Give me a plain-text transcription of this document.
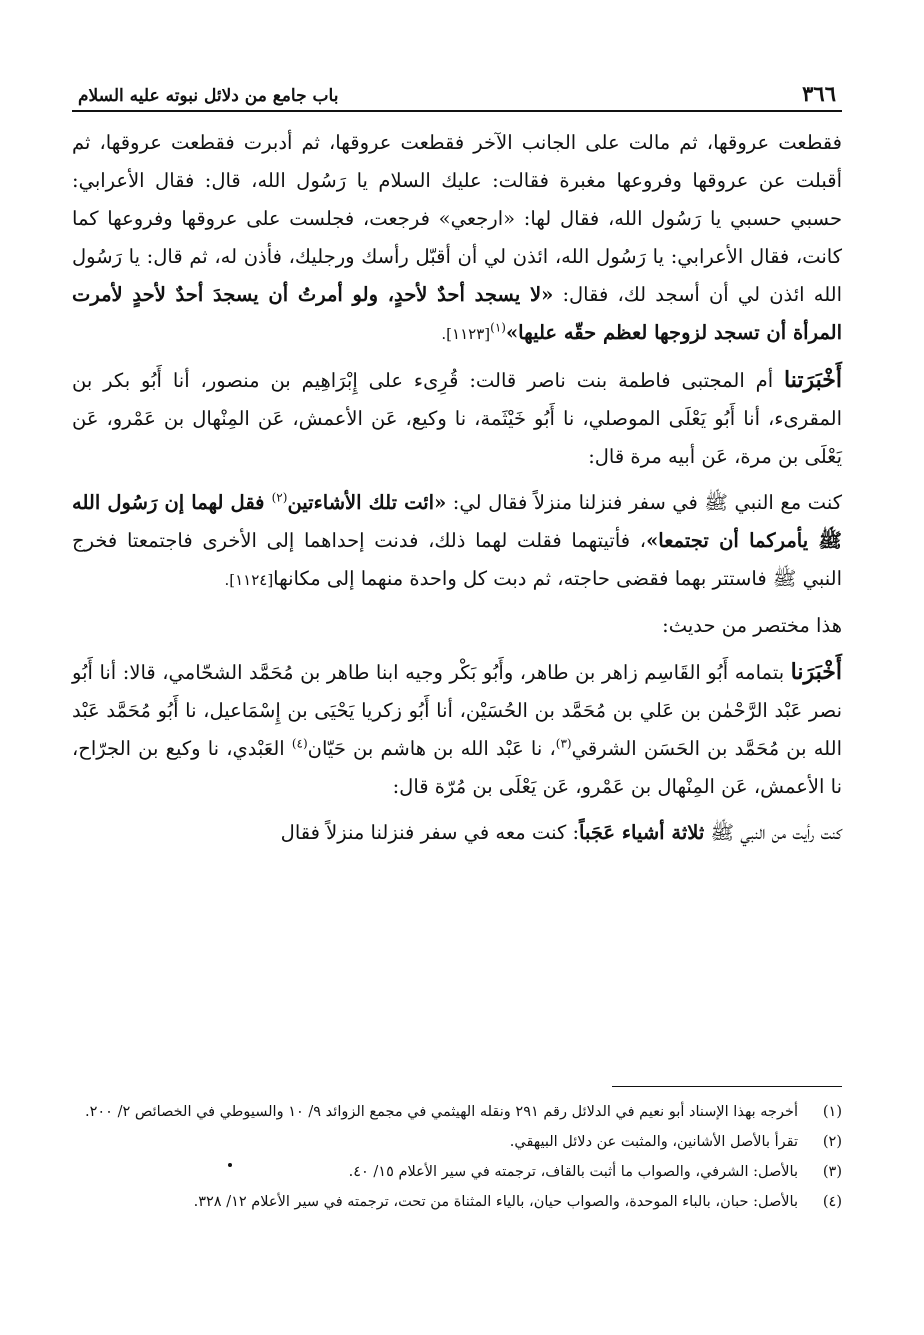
٣٦٦
باب جامع من دلائل نبوته عليه السلام

فقطعت عروقها، ثم مالت على الجانب الآخر فقطعت عروقها، ثم أدبرت فقطعت عروقها، ثم أقبلت عن عروقها وفروعها مغبرة فقالت: عليك السلام يا رَسُول الله، قال: فقال الأعرابي: حسبي حسبي يا رَسُول الله، فقال لها: «ارجعي» فرجعت، فجلست على عروقها وفروعها كما كانت، فقال الأعرابي: يا رَسُول الله، ائذن لي أن أقبّل رأسك ورجليك، فأذن له، ثم قال: يا رَسُول الله ائذن لي أن أسجد لك، فقال: «لا يسجد أحدٌ لأحدٍ، ولو أمرتُ أن يسجدَ أحدٌ لأحدٍ لأمرت المرأة أن تسجد لزوجها لعظم حقّه عليها»$^{(١)}$[١١٢٣].

أَخْبَرَتنا أم المجتبى فاطمة بنت ناصر قالت: قُرِىء على إِبْرَاهِيم بن منصور، أنا أَبُو بكر بن المقرىء، أنا أَبُو يَعْلَى الموصلي، نا أَبُو خَيْثَمة، نا وكيع، عَن الأعمش، عَن المِنْهال بن عَمْرو، عَن يَعْلَى بن مرة، عَن أبيه مرة قال:

كنت مع النبي ﷺ في سفر فنزلنا منزلاً فقال لي: «ائت تلك الأشاءتين$^{(٢)}$ فقل لهما إن رَسُول الله ﷺ يأمركما أن تجتمعا»، فأتيتهما فقلت لهما ذلك، فدنت إحداهما إلى الأخرى فاجتمعتا فخرج النبي ﷺ فاستتر بهما فقضى حاجته، ثم دبت كل واحدة منهما إلى مكانها[١١٢٤].

هذا مختصر من حديث:

أَخْبَرَنا بتمامه أَبُو القَاسِم زاهر بن طاهر، وأَبُو بَكْر وجيه ابنا طاهر بن مُحَمَّد الشحّامي، قالا: أنا أَبُو نصر عَبْد الرَّحْمٰن بن عَلي بن مُحَمَّد بن الحُسَيْن، أنا أَبُو زكريا يَحْيَى بن إِسْمَاعيل، نا أَبُو مُحَمَّد عَبْد الله بن مُحَمَّد بن الحَسَن الشرقي$^{(٣)}$، نا عَبْد الله بن هاشم بن حَيّان$^{(٤)}$ العَبْدي، نا وكيع بن الجرّاح، نا الأعمش، عَن المِنْهال بن عَمْرو، عَن يَعْلَى بن مُرّة قال:

كنت رأيت من النبي ﷺ ثلاثة أشياء عَجَباً: كنت معه في سفر فنزلنا منزلاً فقال

(١)
أخرجه بهذا الإسناد أبو نعيم في الدلائل رقم ٢٩١ ونقله الهيثمي في مجمع الزوائد ٩/ ١٠ والسيوطي في الخصائص ٢/ ٢٠٠.
(٢)
تقرأ بالأصل الأشانين، والمثبت عن دلائل البيهقي.
(٣)
بالأصل: الشرفي، والصواب ما أثبت بالقاف، ترجمته في سير الأعلام ١٥/ ٤٠.
(٤)
بالأصل: حبان، بالباء الموحدة، والصواب حيان، بالياء المثناة من تحت، ترجمته في سير الأعلام ١٢/ ٣٢٨.
